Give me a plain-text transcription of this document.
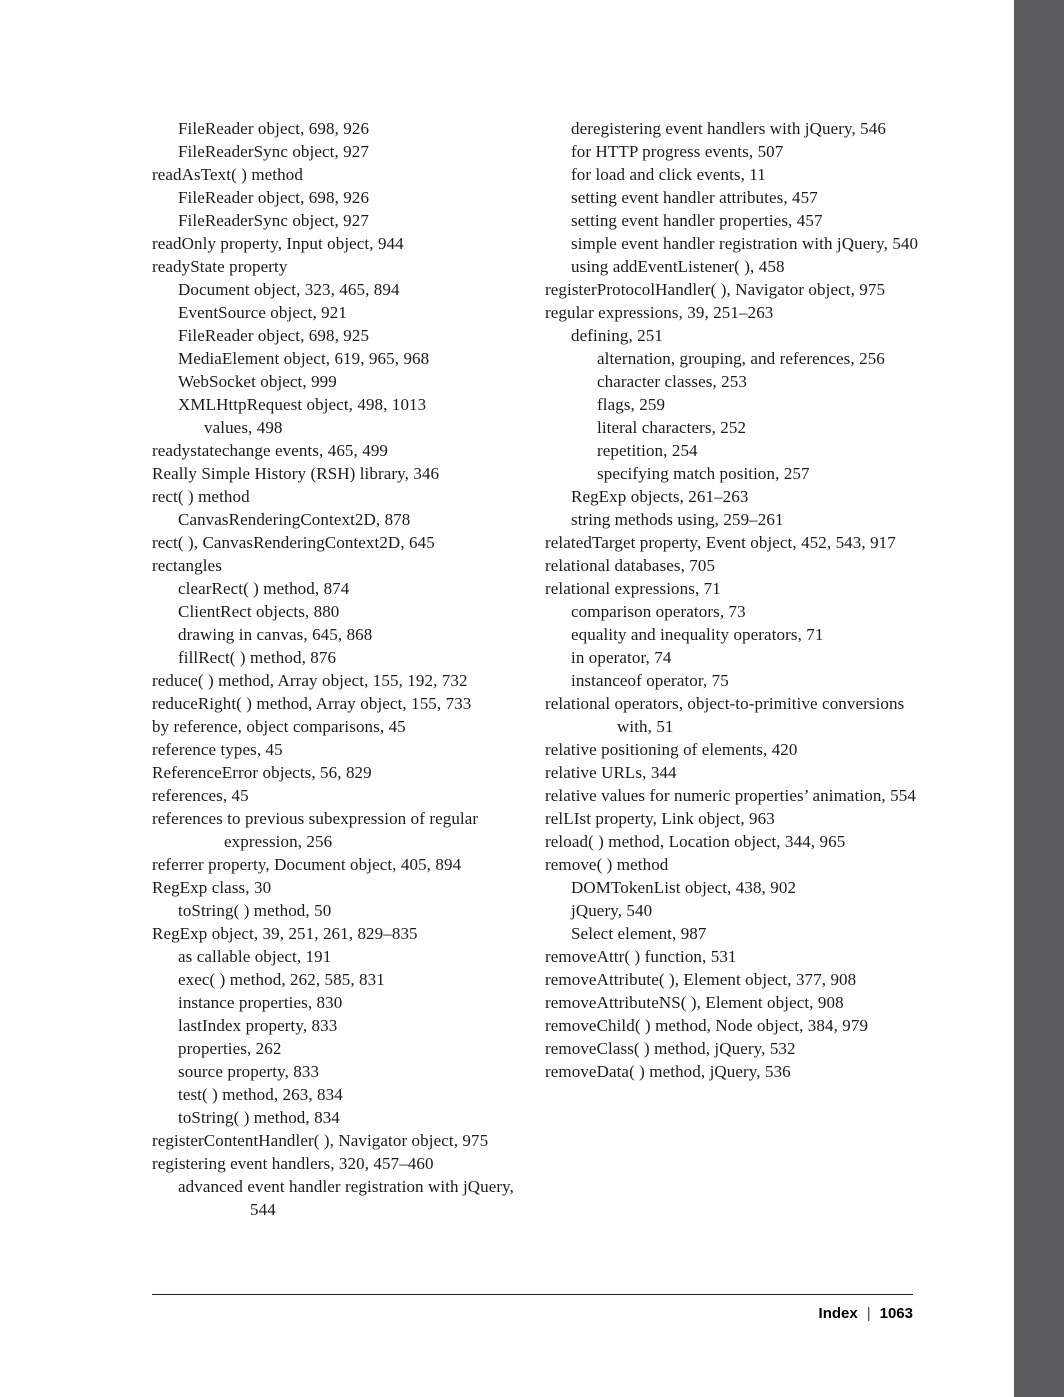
FileReader object, 698, 926
FileReaderSync object, 927
readAsText( ) method
FileReader object, 698, 926
FileReaderSync object, 927
readOnly property, Input object, 944
readyState property
Document object, 323, 465, 894
EventSource object, 921
FileReader object, 698, 925
MediaElement object, 619, 965, 968
WebSocket object, 999
XMLHttpRequest object, 498, 1013
values, 498
readystatechange events, 465, 499
Really Simple History (RSH) library, 346
rect( ) method
CanvasRenderingContext2D, 878
rect( ), CanvasRenderingContext2D, 645
rectangles
clearRect( ) method, 874
ClientRect objects, 880
drawing in canvas, 645, 868
fillRect( ) method, 876
reduce( ) method, Array object, 155, 192, 732
reduceRight( ) method, Array object, 155, 733
by reference, object comparisons, 45
reference types, 45
ReferenceError objects, 56, 829
references, 45
references to previous subexpression of regular expression, 256
referrer property, Document object, 405, 894
RegExp class, 30
toString( ) method, 50
RegExp object, 39, 251, 261, 829–835
as callable object, 191
exec( ) method, 262, 585, 831
instance properties, 830
lastIndex property, 833
properties, 262
source property, 833
test( ) method, 263, 834
toString( ) method, 834
registerContentHandler( ), Navigator object, 975
registering event handlers, 320, 457–460
advanced event handler registration with jQuery, 544
deregistering event handlers with jQuery, 546
for HTTP progress events, 507
for load and click events, 11
setting event handler attributes, 457
setting event handler properties, 457
simple event handler registration with jQuery, 540
using addEventListener( ), 458
registerProtocolHandler( ), Navigator object, 975
regular expressions, 39, 251–263
defining, 251
alternation, grouping, and references, 256
character classes, 253
flags, 259
literal characters, 252
repetition, 254
specifying match position, 257
RegExp objects, 261–263
string methods using, 259–261
relatedTarget property, Event object, 452, 543, 917
relational databases, 705
relational expressions, 71
comparison operators, 73
equality and inequality operators, 71
in operator, 74
instanceof operator, 75
relational operators, object-to-primitive conversions with, 51
relative positioning of elements, 420
relative URLs, 344
relative values for numeric properties’ animation, 554
relLIst property, Link object, 963
reload( ) method, Location object, 344, 965
remove( ) method
DOMTokenList object, 438, 902
jQuery, 540
Select element, 987
removeAttr( ) function, 531
removeAttribute( ), Element object, 377, 908
removeAttributeNS( ), Element object, 908
removeChild( ) method, Node object, 384, 979
removeClass( ) method, jQuery, 532
removeData( ) method, jQuery, 536
Index | 1063
